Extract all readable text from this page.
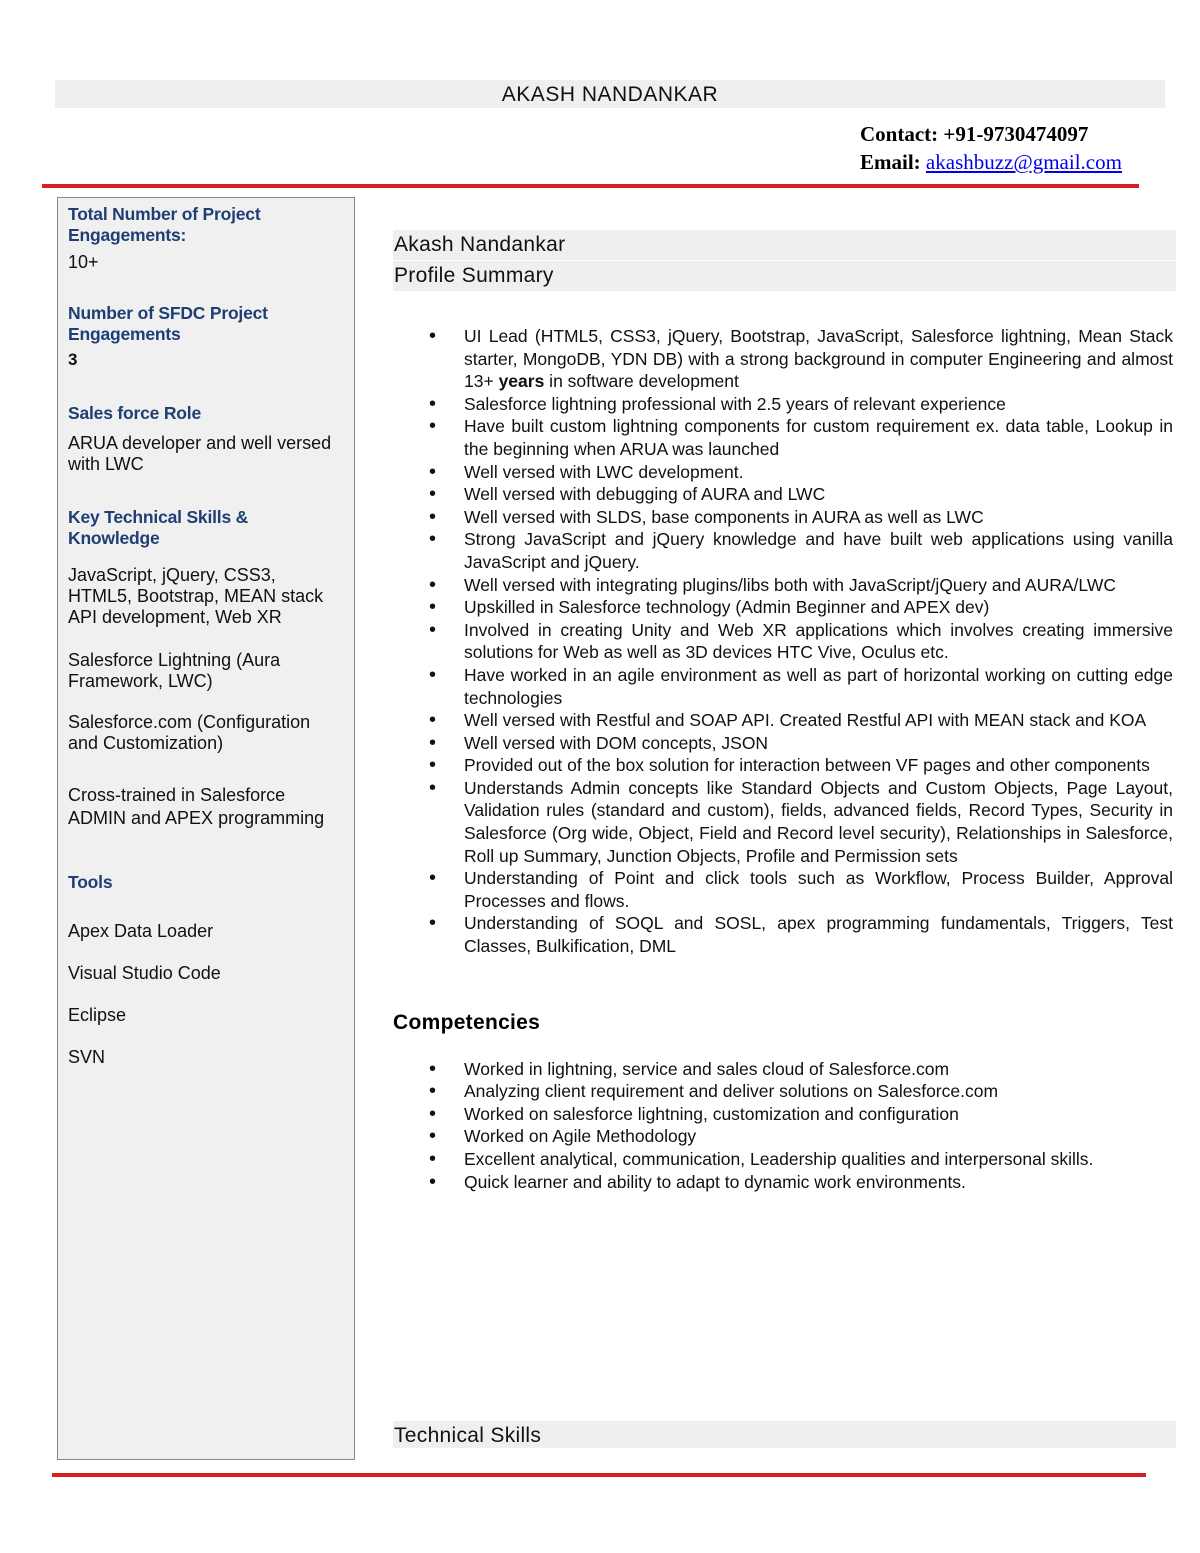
AKASH NANDANKAR
Contact: +91-9730474097
Email: akashbuzz@gmail.com
Total Number of Project Engagements:
10+
Number of SFDC Project Engagements
3
Sales force Role
ARUA developer and well versed with LWC
Key Technical Skills & Knowledge
JavaScript, jQuery, CSS3, HTML5, Bootstrap, MEAN stack API development, Web XR
Salesforce Lightning (Aura Framework, LWC)
Salesforce.com (Configuration and Customization)
Cross-trained in Salesforce ADMIN and APEX programming
Tools
Apex Data Loader
Visual Studio Code
Eclipse
SVN
Akash Nandankar
Profile Summary
• UI Lead (HTML5, CSS3, jQuery, Bootstrap, JavaScript, Salesforce lightning, Mean Stack starter, MongoDB, YDN DB) with a strong background in computer Engineering and almost 13+ years in software development
• Salesforce lightning professional with 2.5 years of relevant experience
• Have built custom lightning components for custom requirement ex. data table, Lookup in the beginning when ARUA was launched
• Well versed with LWC development.
• Well versed with debugging of AURA and LWC
• Well versed with SLDS, base components in AURA as well as LWC
• Strong JavaScript and jQuery knowledge and have built web applications using vanilla JavaScript and jQuery.
• Well versed with integrating plugins/libs both with JavaScript/jQuery and AURA/LWC
• Upskilled in Salesforce technology (Admin Beginner and APEX dev)
• Involved in creating Unity and Web XR applications which involves creating immersive solutions for Web as well as 3D devices HTC Vive, Oculus etc.
• Have worked in an agile environment as well as part of horizontal working on cutting edge technologies
• Well versed with Restful and SOAP API. Created Restful API with MEAN stack and KOA
• Well versed with DOM concepts, JSON
• Provided out of the box solution for interaction between VF pages and other components
• Understands Admin concepts like Standard Objects and Custom Objects, Page Layout, Validation rules (standard and custom), fields, advanced fields, Record Types, Security in Salesforce (Org wide, Object, Field and Record level security), Relationships in Salesforce, Roll up Summary, Junction Objects, Profile and Permission sets
• Understanding of Point and click tools such as Workflow, Process Builder, Approval Processes and flows.
• Understanding of SOQL and SOSL, apex programming fundamentals, Triggers, Test Classes, Bulkification, DML
Competencies
• Worked in lightning, service and sales cloud of Salesforce.com
• Analyzing client requirement and deliver solutions on Salesforce.com
• Worked on salesforce lightning, customization and configuration
• Worked on Agile Methodology
• Excellent analytical, communication, Leadership qualities and interpersonal skills.
• Quick learner and ability to adapt to dynamic work environments.
Technical Skills
